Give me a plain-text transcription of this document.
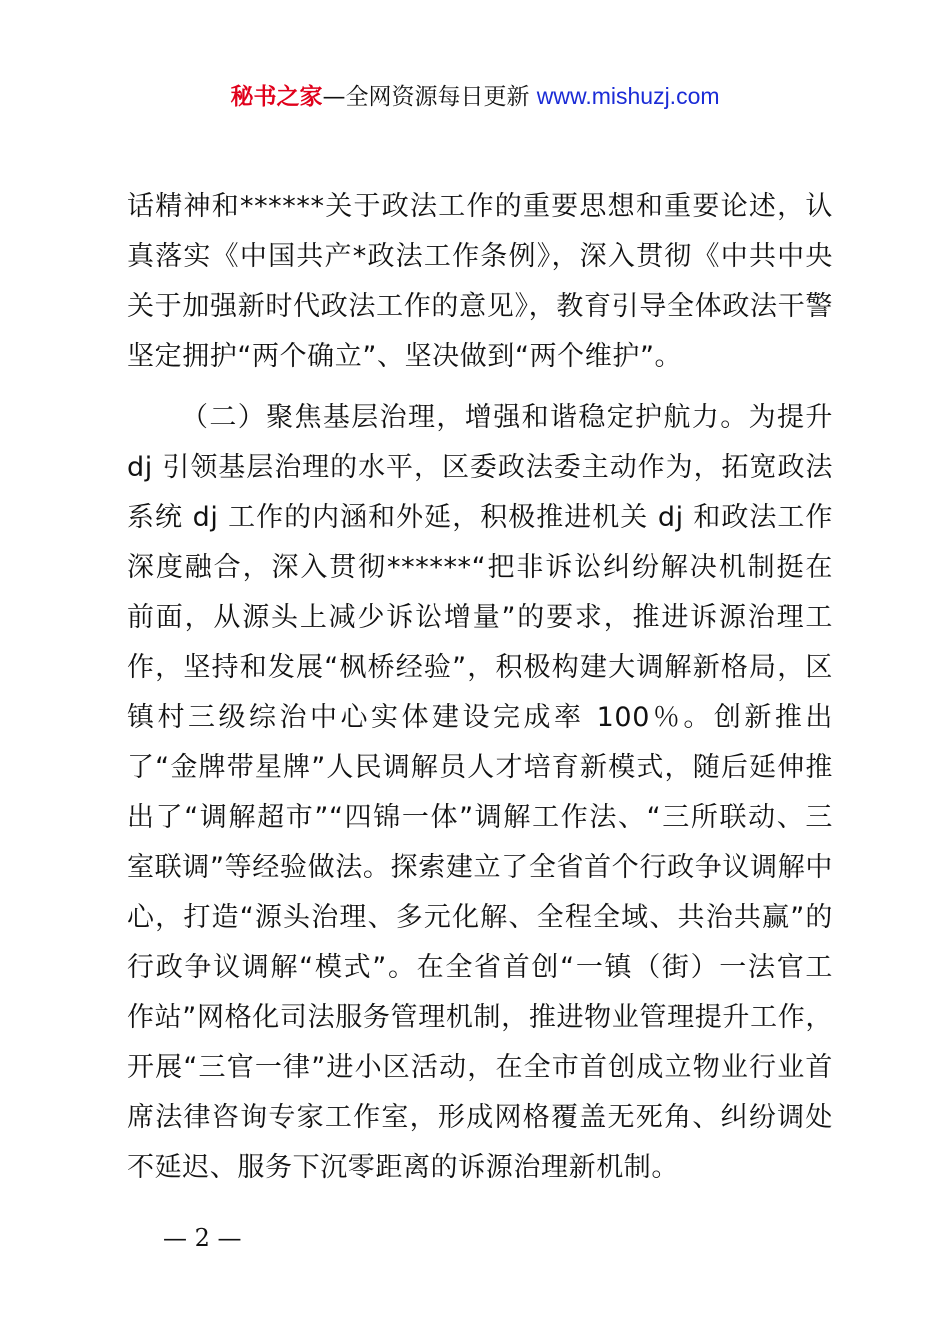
秘书之家—全网资源每日更新 www.mishuzj.com

话精神和******关于政法工作的重要思想和重要论述，认真落实《中国共产*政法工作条例》，深入贯彻《中共中央关于加强新时代政法工作的意见》，教育引导全体政法干警坚定拥护“两个确立”、坚决做到“两个维护”。

（二）聚焦基层治理，增强和谐稳定护航力。为提升 dj 引领基层治理的水平，区委政法委主动作为，拓宽政法系统 dj 工作的内涵和外延，积极推进机关 dj 和政法工作深度融合，深入贯彻******“把非诉讼纠纷解决机制挺在前面，从源头上减少诉讼增量”的要求，推进诉源治理工作，坚持和发展“枫桥经验”，积极构建大调解新格局，区镇村三级综治中心实体建设完成率 100％。创新推出了“金牌带星牌”人民调解员人才培育新模式，随后延伸推出了“调解超市”“四锦一体”调解工作法、“三所联动、三室联调”等经验做法。探索建立了全省首个行政争议调解中心，打造“源头治理、多元化解、全程全域、共治共赢”的行政争议调解“模式”。在全省首创“一镇（街）一法官工作站”网格化司法服务管理机制，推进物业管理提升工作，开展“三官一律”进小区活动，在全市首创成立物业行业首席法律咨询专家工作室，形成网格覆盖无死角、纠纷调处不延迟、服务下沉零距离的诉源治理新机制。

— 2 —
